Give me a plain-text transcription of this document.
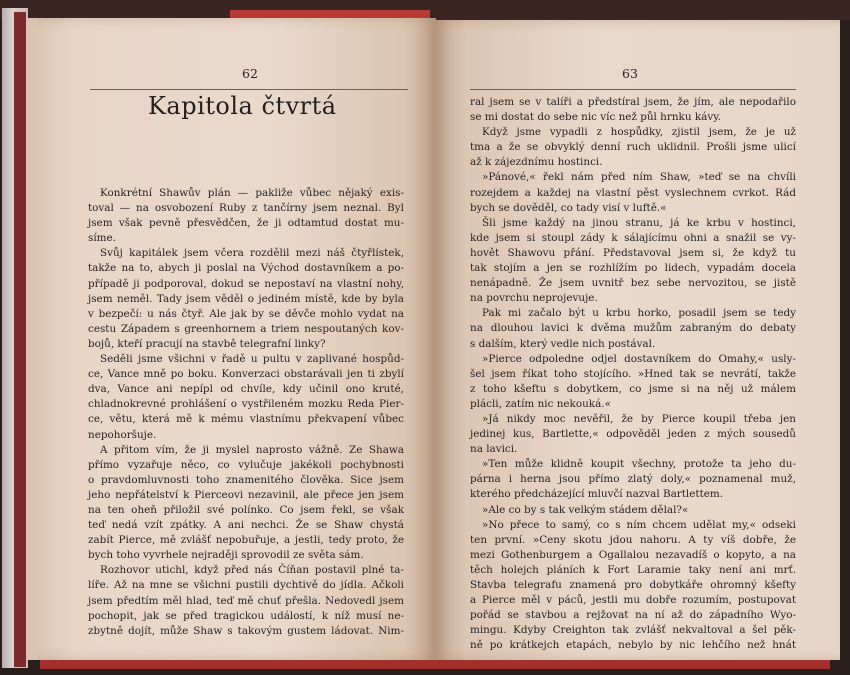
62
Kapitola čtvrtá
63
Konkrétní Shawův plán — pakliže vůbec nějaký exis-
toval — na osvobození Ruby z tančírny jsem neznal. Byl
jsem však pevně přesvědčen, že ji odtamtud dostat mu-
síme.
Svůj kapitálek jsem včera rozdělil mezi náš čtyřlístek,
takže na to, abych ji poslal na Východ dostavníkem a po-
případě ji podporoval, dokud se nepostaví na vlastní nohy,
jsem neměl. Tady jsem věděl o jediném místě, kde by byla
v bezpečí: u nás čtyř. Ale jak by se děvče mohlo vydat na
cestu Západem s greenhornem a triem nespoutaných kov-
bojů, kteří pracují na stavbě telegrafní linky?
Seděli jsme všichni v řadě u pultu v zaplivané hospůd-
ce, Vance mně po boku. Konverzaci obstarávali jen ti zbylí
dva, Vance ani nepípl od chvíle, kdy učinil ono kruté,
chladnokrevné prohlášení o vystřileném mozku Reda Pier-
ce, větu, která mě k mému vlastnímu překvapení vůbec
nepohoršuje.
A přitom vím, že ji myslel naprosto vážně. Ze Shawa
přímo vyzařuje něco, co vylučuje jakékoli pochybnosti
o pravdomluvnosti toho znamenitého člověka. Sice jsem
jeho nepřátelství k Pierceovi nezavinil, ale přece jen jsem
na ten oheň přiložil své polínko. Co jsem řekl, se však
teď nedá vzít zpátky. A ani nechci. Že se Shaw chystá
zabít Pierce, mě zvlášť nepobuřuje, a jestli, tedy proto, že
bych toho vyvrhele nejraději sprovodil ze světa sám.
Rozhovor utichl, když před nás Číňan postavil plné ta-
líře. Až na mne se všichni pustili dychtivě do jídla. Ačkoli
jsem předtím měl hlad, teď mě chuť přešla. Nedovedl jsem
pochopit, jak se před tragickou událostí, k níž musí ne-
zbytně dojít, může Shaw s takovým gustem ládovat. Nim-
ral jsem se v talíři a předstíral jsem, že jím, ale nepodařilo
se mi dostat do sebe nic víc než půl hrnku kávy.
Když jsme vypadli z hospůdky, zjistil jsem, že je už
tma a že se obvyklý denní ruch uklidnil. Prošli jsme ulicí
až k zájezdnímu hostinci.
»Pánové,« řekl nám před ním Shaw, »teď se na chvíli
rozejdem a každej na vlastní pěst vyslechnem cvrkot. Rád
bych se dověděl, co tady visí v luftě.«
Šli jsme každý na jinou stranu, já ke krbu v hostinci,
kde jsem si stoupl zády k sálajícímu ohni a snažil se vy-
hovět Shawovu přání. Představoval jsem si, že když tu
tak stojím a jen se rozhlížím po lidech, vypadám docela
nenápadně. Že jsem uvnitř bez sebe nervozitou, se jistě
na povrchu neprojevuje.
Pak mi začalo být u krbu horko, posadil jsem se tedy
na dlouhou lavici k dvěma mužům zabraným do debaty
s dalším, který vedle nich postával.
»Pierce odpoledne odjel dostavníkem do Omahy,« usly-
šel jsem říkat toho stojícího. »Hned tak se nevrátí, takže
z toho kšeftu s dobytkem, co jsme si na něj už málem
plácli, zatím nic nekouká.«
»Já nikdy moc nevěřil, že by Pierce koupil třeba jen
jedinej kus, Bartlette,« odpověděl jeden z mých sousedů
na lavici.
»Ten může klidně koupit všechny, protože ta jeho du-
párna i herna jsou přímo zlatý doly,« poznamenal muž,
kterého předcházející mluvčí nazval Bartlettem.
»Ale co by s tak velkým stádem dělal?«
»No přece to samý, co s ním chcem udělat my,« odseki
ten první. »Ceny skotu jdou nahoru. A ty víš dobře, že
mezi Gothenburgem a Ogallalou nezavadíš o kopyto, a na
těch holejch pláních k Fort Laramie taky není ani mrť.
Stavba telegrafu znamená pro dobytkáře ohromný kšefty
a Pierce měl v páců, jestli mu dobře rozumím, postupovat
pořád se stavbou a rejžovat na ní až do západního Wyo-
mingu. Kdyby Creighton tak zvlášť nekvaltoval a šel pěk-
ně po krátkejch etapách, nebylo by nic lehčího než hnát
